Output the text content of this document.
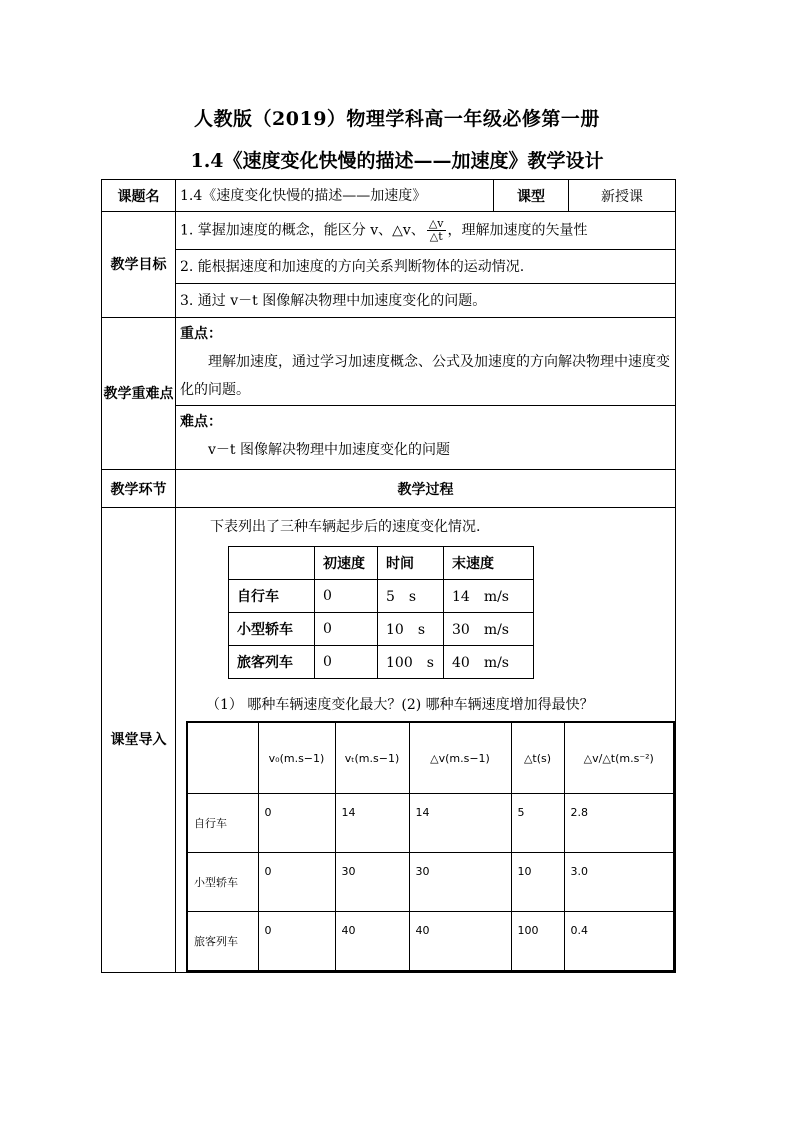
人教版（2019）物理学科高一年级必修第一册
1.4《速度变化快慢的描述——加速度》教学设计
课题名	1.4《速度变化快慢的描述——加速度》	课型	新授课
教学目标	1. 掌握加速度的概念，能区分 v、△v、 $\frac{\triangle v}{\triangle t}$ ，理解加速度的矢量性
2. 能根据速度和加速度的方向关系判断物体的运动情况.
3. 通过 v－t 图像解决物理中加速度变化的问题。
教学重难点	
重点：
理解加速度，通过学习加速度概念、公式及加速度的方向解决物理中速度变化的问题。

难点：
v－t 图像解决物理中加速度变化的问题

教学环节	教学过程
课堂导入	
下表列出了三种车辆起步后的速度变化情况.
	初速度	时间	末速度
自行车	0	5　s	14　m/s
小型轿车	0	10　s	30　m/s
旅客列车	0	100　s	40　m/s
（1） 哪种车辆速度变化最大？(2) 哪种车辆速度增加得最快？
	v₀(m.s−1)	vₜ(m.s−1)	△v(m.s−1)	△t(s)	△v/△t(m.s⁻²)
自行车	0	14	14	5	2.8
小型轿车	0	30	30	10	3.0
旅客列车	0	40	40	100	0.4
